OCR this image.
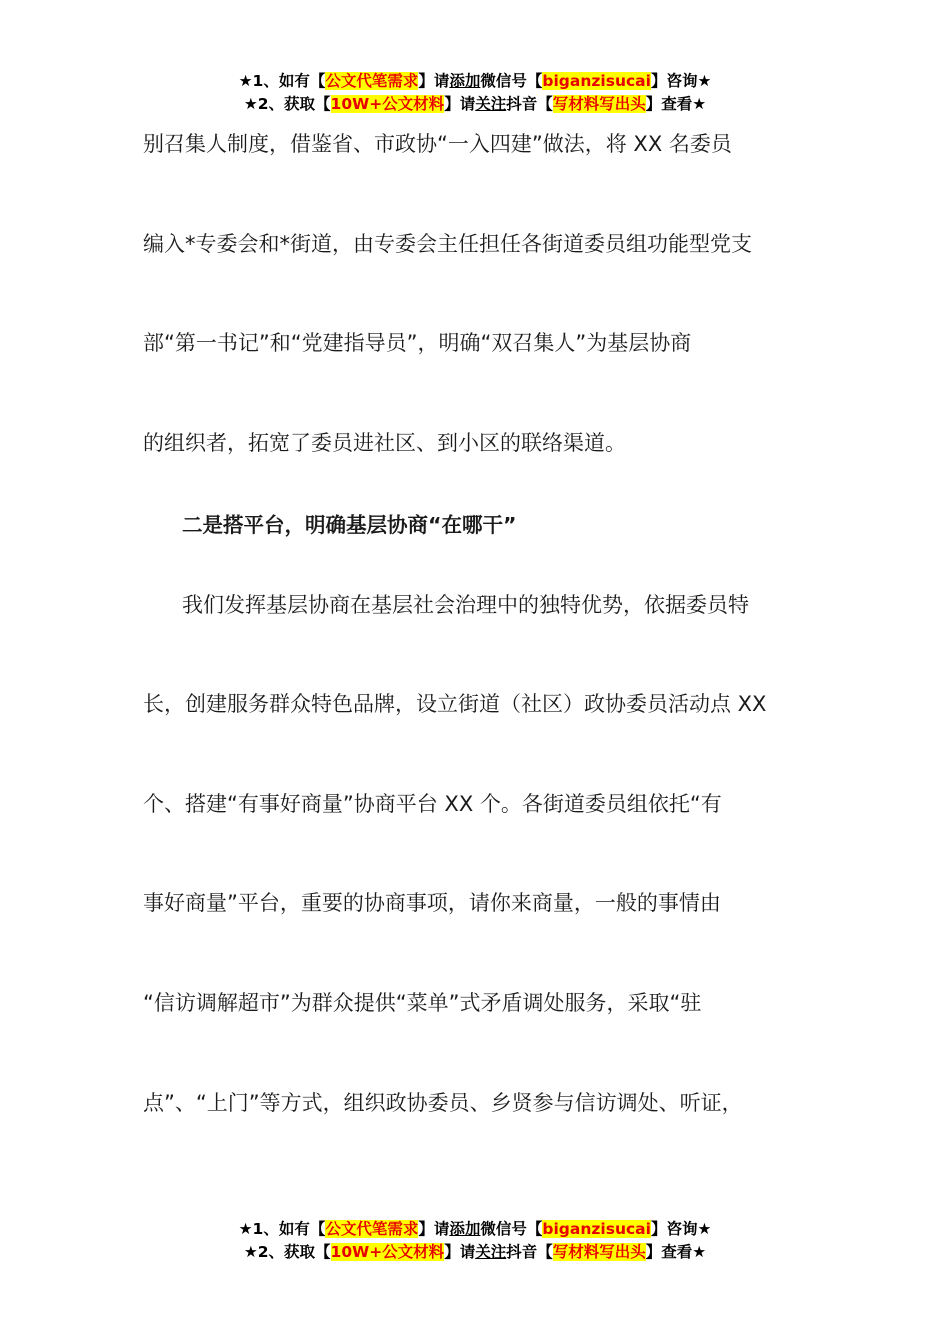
★1、如有【公文代笔需求】请添加微信号【biganzisucai】咨询★
★2、获取【10W+公文材料】请关注抖音【写材料写出头】查看★
别召集人制度，借鉴省、市政协“一入四建”做法，将 XX 名委员
编入*专委会和*街道，由专委会主任担任各街道委员组功能型党支
部“第一书记”和“党建指导员”，明确“双召集人”为基层协商
的组织者，拓宽了委员进社区、到小区的联络渠道。
二是搭平台，明确基层协商“在哪干”
我们发挥基层协商在基层社会治理中的独特优势，依据委员特
长，创建服务群众特色品牌，设立街道（社区）政协委员活动点 XX
个、搭建“有事好商量”协商平台 XX 个。各街道委员组依托“有
事好商量”平台，重要的协商事项，请你来商量，一般的事情由
“信访调解超市”为群众提供“菜单”式矛盾调处服务，采取“驻
点”、“上门”等方式，组织政协委员、乡贤参与信访调处、听证，
★1、如有【公文代笔需求】请添加微信号【biganzisucai】咨询★
★2、获取【10W+公文材料】请关注抖音【写材料写出头】查看★
